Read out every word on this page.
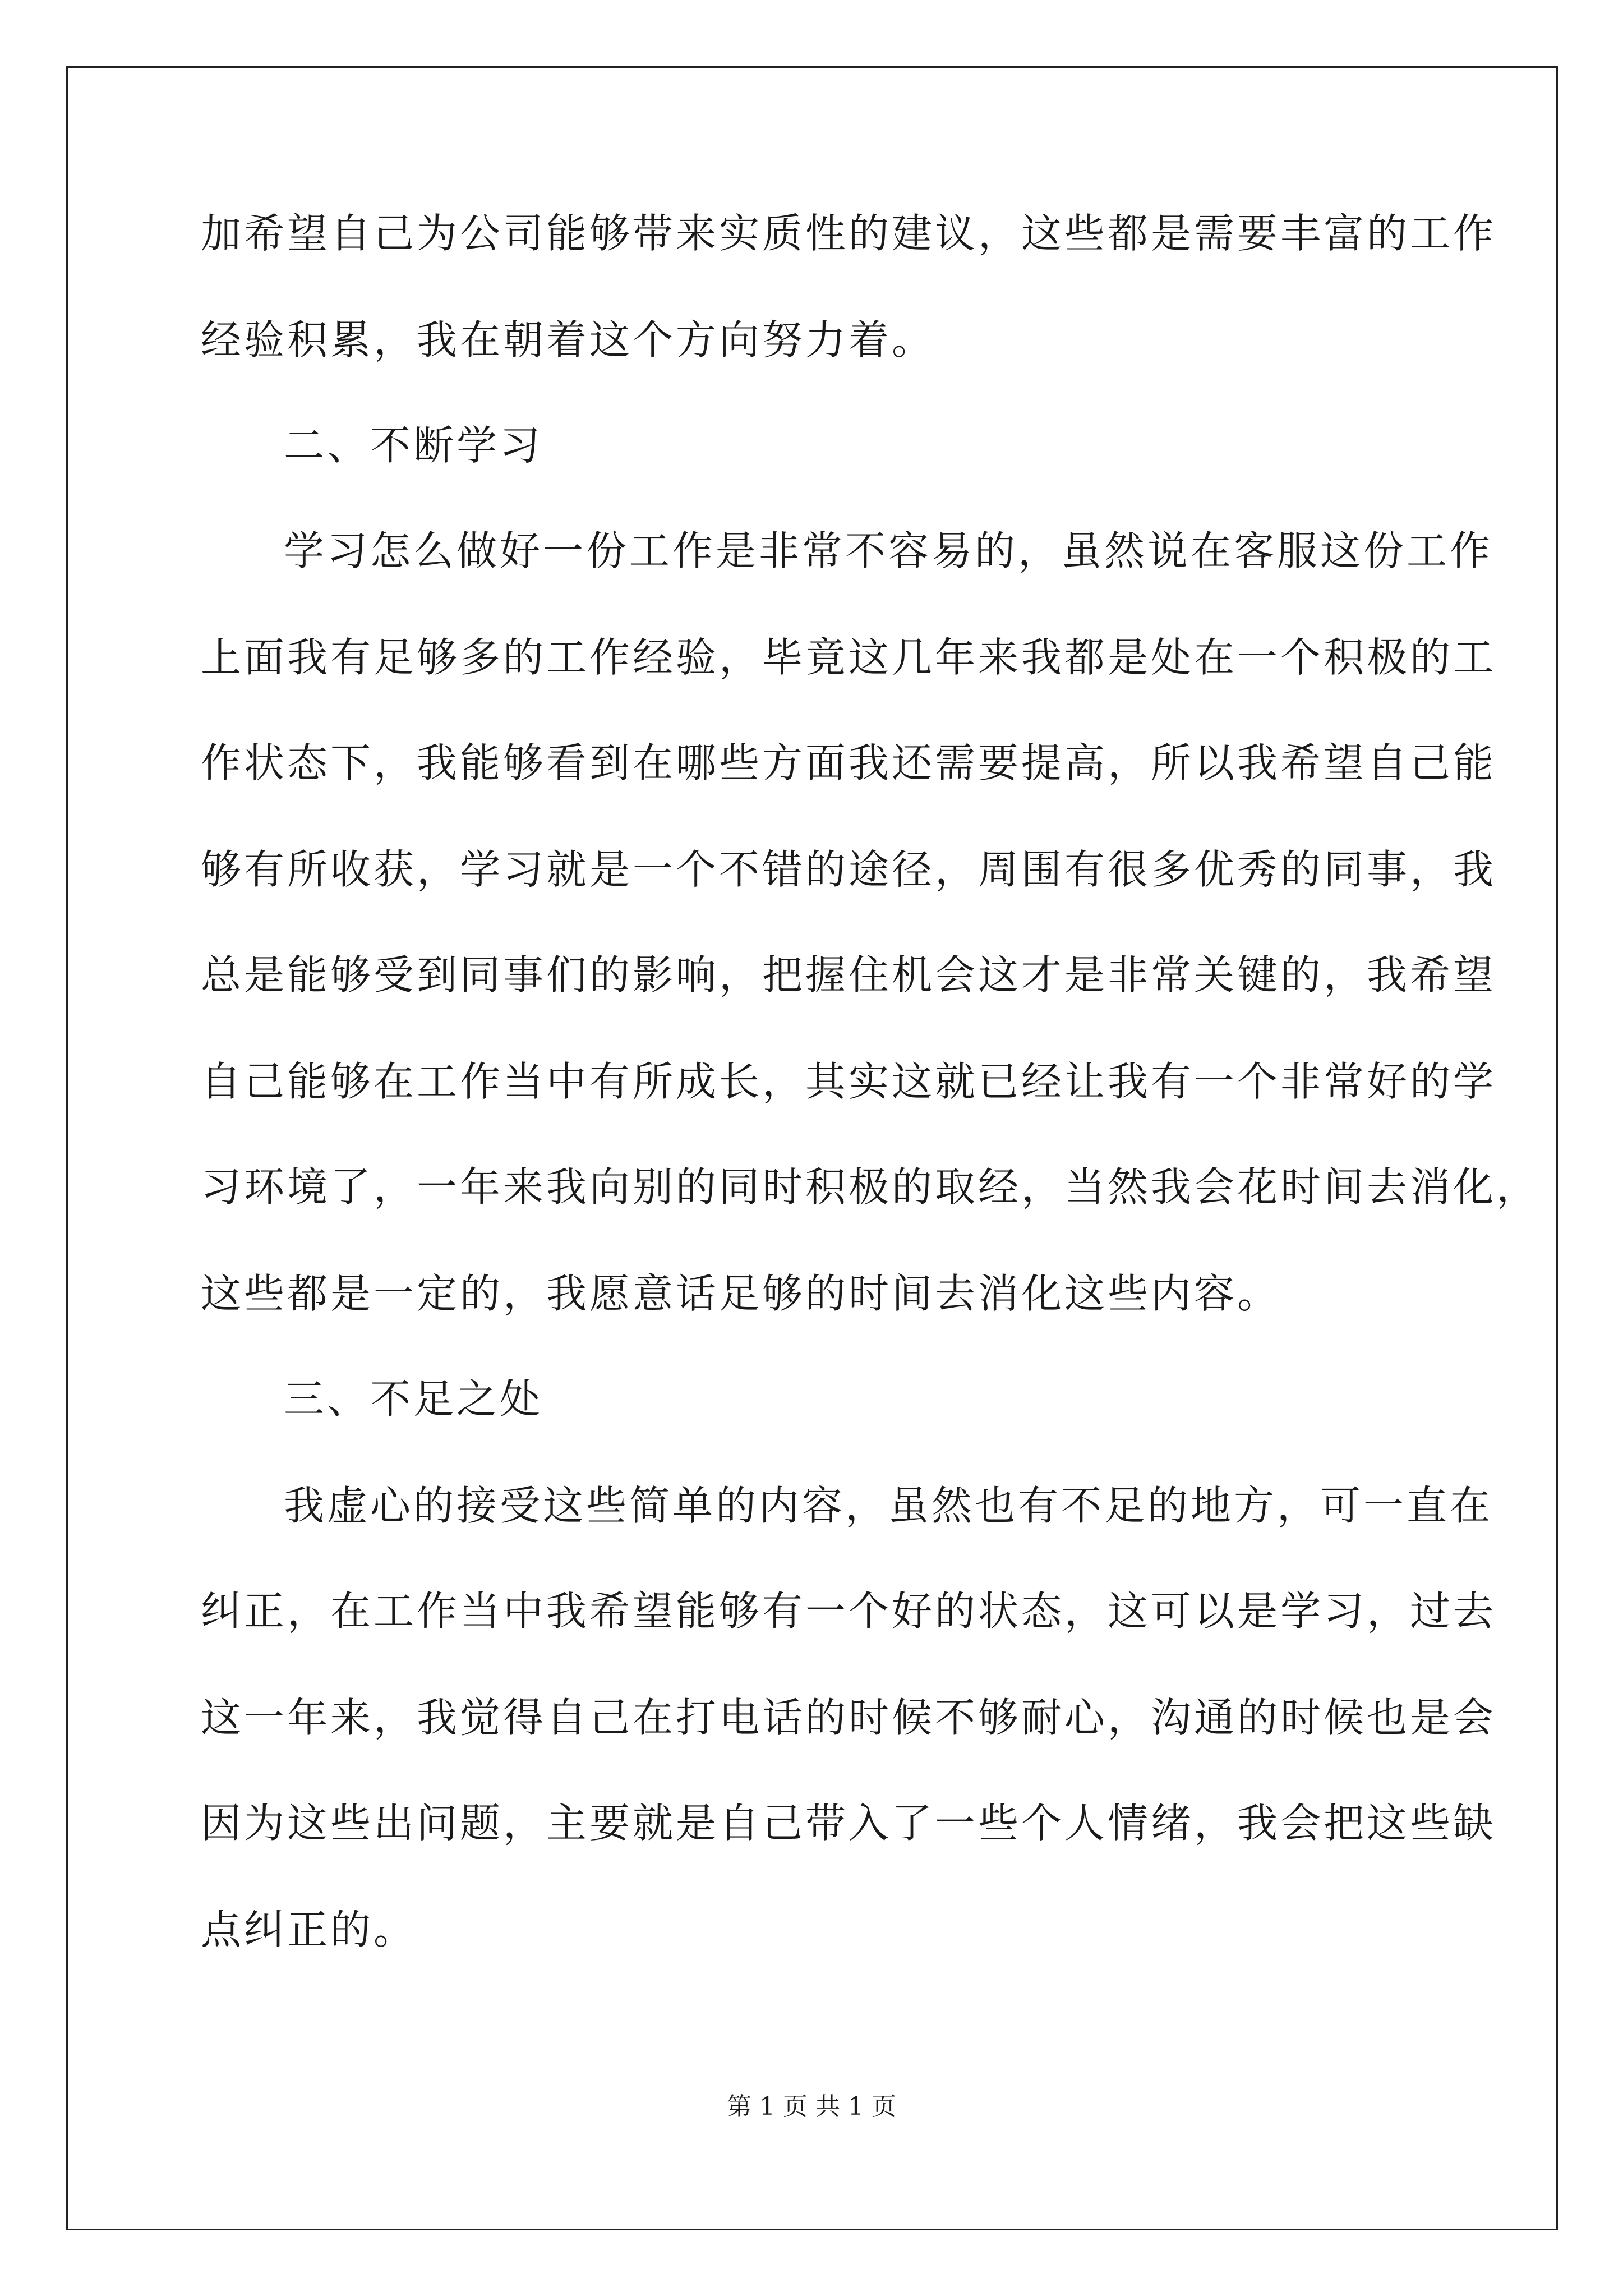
加希望自己为公司能够带来实质性的建议，这些都是需要丰富的工作

经验积累，我在朝着这个方向努力着。

二、不断学习

学习怎么做好一份工作是非常不容易的，虽然说在客服这份工作

上面我有足够多的工作经验，毕竟这几年来我都是处在一个积极的工

作状态下，我能够看到在哪些方面我还需要提高，所以我希望自己能

够有所收获，学习就是一个不错的途径，周围有很多优秀的同事，我

总是能够受到同事们的影响，把握住机会这才是非常关键的，我希望

自己能够在工作当中有所成长，其实这就已经让我有一个非常好的学

习环境了，一年来我向别的同时积极的取经，当然我会花时间去消化，

这些都是一定的，我愿意话足够的时间去消化这些内容。

三、不足之处

我虚心的接受这些简单的内容，虽然也有不足的地方，可一直在

纠正，在工作当中我希望能够有一个好的状态，这可以是学习，过去

这一年来，我觉得自己在打电话的时候不够耐心，沟通的时候也是会

因为这些出问题，主要就是自己带入了一些个人情绪，我会把这些缺

点纠正的。

第 1 页 共 1 页
